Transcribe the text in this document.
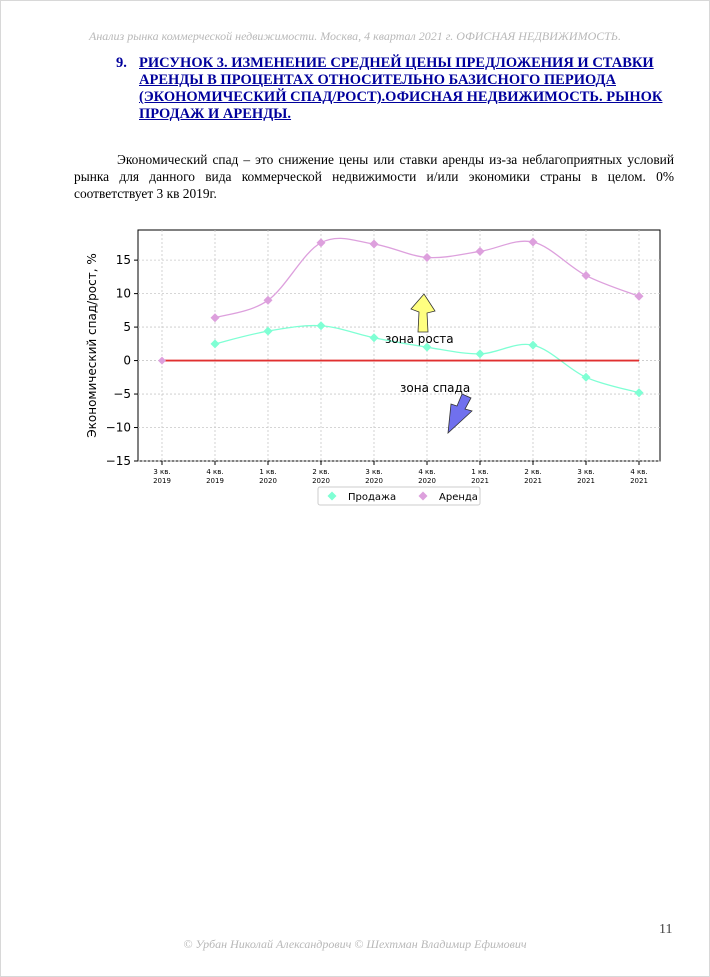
Анализ рынка коммерческой недвижимости. Москва, 4 квартал 2021 г. ОФИСНАЯ НЕДВИЖИМОСТЬ.
9. РИСУНОК 3. ИЗМЕНЕНИЕ СРЕДНЕЙ ЦЕНЫ ПРЕДЛОЖЕНИЯ И СТАВКИ АРЕНДЫ В ПРОЦЕНТАХ ОТНОСИТЕЛЬНО БАЗИСНОГО ПЕРИОДА (ЭКОНОМИЧЕСКИЙ СПАД/РОСТ).ОФИСНАЯ НЕДВИЖИМОСТЬ. РЫНОК ПРОДАЖ И АРЕНДЫ.
Экономический спад – это снижение цены или ставки аренды из-за неблагоприятных условий рынка для данного вида коммерческой недвижимости и/или экономики страны в целом. 0% соответствует 3 кв 2019г.
−15
−10
−5
0
5
10
15
3 кв.
2019
4 кв.
2019
1 кв.
2020
2 кв.
2020
3 кв.
2020
4 кв.
2020
1 кв.
2021
2 кв.
2021
3 кв.
2021
4 кв.
2021
Экономический спад/рост, %	зона роста
зона спада
Продажа	Аренда
11
© Урбан Николай Александрович © Шехтман Владимир Ефимович
